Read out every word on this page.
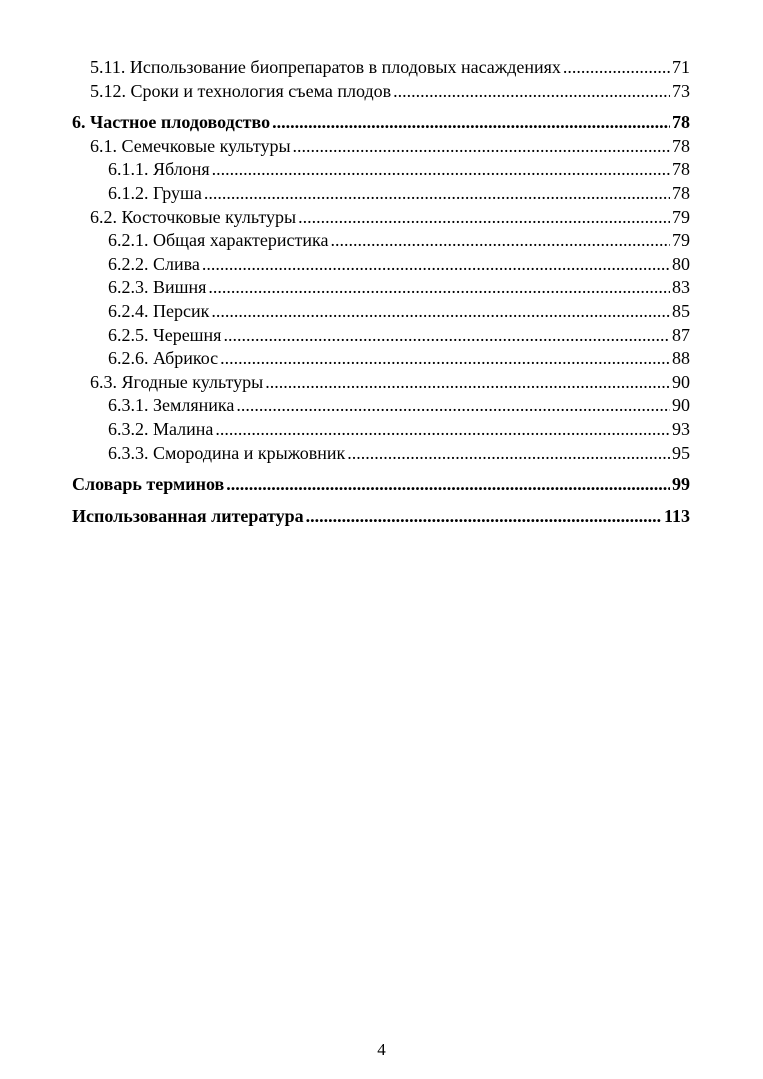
5.11. Использование биопрепаратов в плодовых насаждениях .....	71
5.12. Сроки и технология съема плодов .....	73
6. Частное плодоводство .....	78
6.1. Семечковые культуры .....	78
6.1.1. Яблоня .....	78
6.1.2. Груша .....	78
6.2. Косточковые культуры .....	79
6.2.1. Общая характеристика .....	79
6.2.2. Слива .....	80
6.2.3. Вишня .....	83
6.2.4. Персик .....	85
6.2.5. Черешня .....	87
6.2.6. Абрикос .....	88
6.3. Ягодные культуры .....	90
6.3.1. Земляника .....	90
6.3.2. Малина .....	93
6.3.3. Смородина и крыжовник .....	95
Словарь терминов .....	99
Использованная литература .....	113
4
